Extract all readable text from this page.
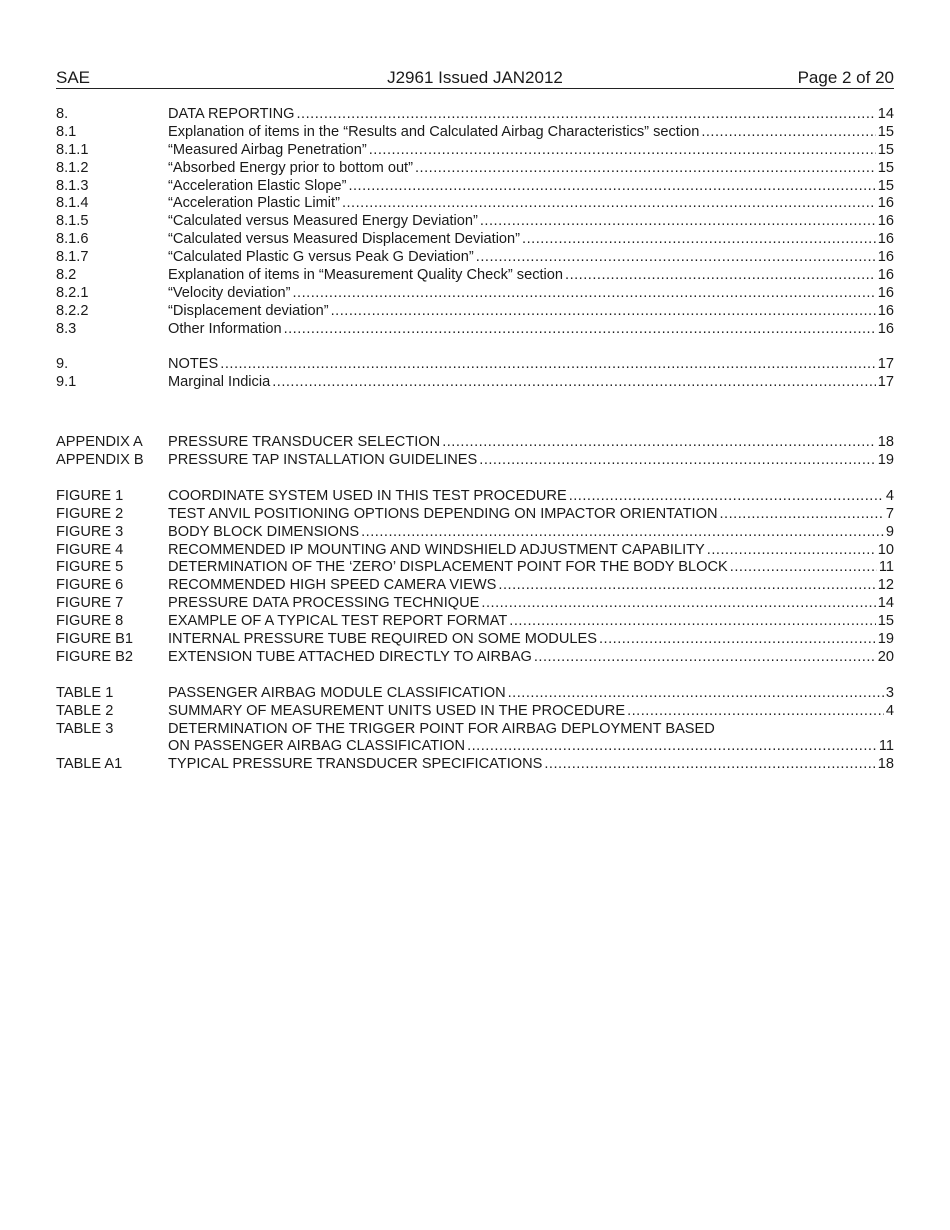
SAE	J2961 Issued JAN2012	Page 2 of 20
8.	DATA REPORTING .....	14
8.1	Explanation of items in the “Results and Calculated Airbag Characteristics” section .....	15
8.1.1	“Measured Airbag Penetration” .....	15
8.1.2	“Absorbed Energy prior to bottom out” .....	15
8.1.3	“Acceleration Elastic Slope” .....	15
8.1.4	“Acceleration Plastic Limit” .....	16
8.1.5	“Calculated versus Measured Energy Deviation” .....	16
8.1.6	“Calculated versus Measured Displacement Deviation” .....	16
8.1.7	“Calculated Plastic G versus Peak G Deviation” .....	16
8.2	Explanation of items in “Measurement Quality Check” section .....	16
8.2.1	“Velocity deviation” .....	16
8.2.2	“Displacement deviation” .....	16
8.3	Other Information .....	16
9.	NOTES .....	17
9.1	Marginal Indicia .....	17
APPENDIX A	PRESSURE TRANSDUCER SELECTION .....	18
APPENDIX B	PRESSURE TAP INSTALLATION GUIDELINES .....	19
FIGURE 1	COORDINATE SYSTEM USED IN THIS TEST PROCEDURE .....	4
FIGURE 2	TEST ANVIL POSITIONING OPTIONS DEPENDING ON IMPACTOR ORIENTATION .....	7
FIGURE 3	BODY BLOCK DIMENSIONS .....	9
FIGURE 4	RECOMMENDED IP MOUNTING AND WINDSHIELD ADJUSTMENT CAPABILITY .....	10
FIGURE 5	DETERMINATION OF THE ‘ZERO’ DISPLACEMENT POINT FOR THE BODY BLOCK .....	11
FIGURE 6	RECOMMENDED HIGH SPEED CAMERA VIEWS .....	12
FIGURE 7	PRESSURE DATA PROCESSING TECHNIQUE .....	14
FIGURE 8	EXAMPLE OF A TYPICAL TEST REPORT FORMAT .....	15
FIGURE B1	INTERNAL PRESSURE TUBE REQUIRED ON SOME MODULES .....	19
FIGURE B2	EXTENSION TUBE ATTACHED DIRECTLY TO AIRBAG .....	20
TABLE 1	PASSENGER AIRBAG MODULE CLASSIFICATION .....	3
TABLE 2	SUMMARY OF MEASUREMENT UNITS USED IN THE PROCEDURE .....	4
TABLE 3	DETERMINATION OF THE TRIGGER POINT FOR AIRBAG DEPLOYMENT BASED
ON PASSENGER AIRBAG CLASSIFICATION .....	11
TABLE A1	TYPICAL PRESSURE TRANSDUCER SPECIFICATIONS .....	18
